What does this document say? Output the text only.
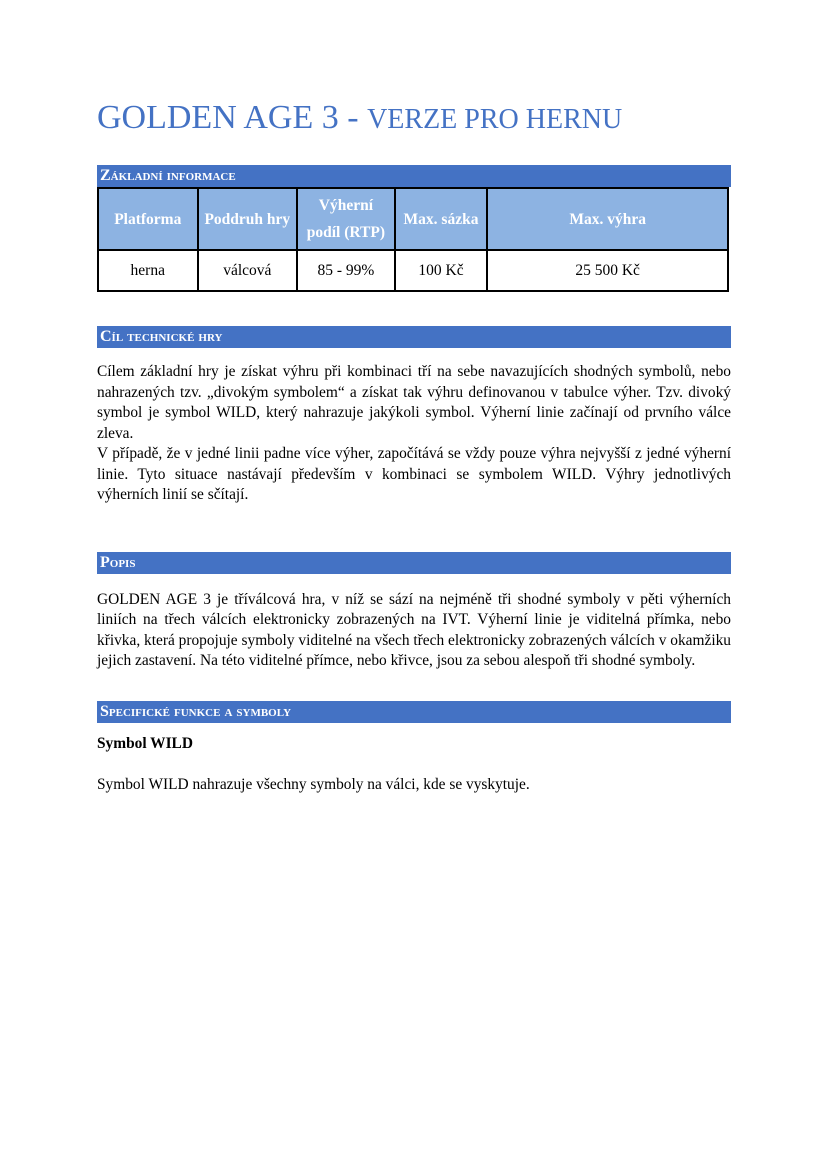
GOLDEN AGE 3 - VERZE PRO HERNU
Základní informace
Platforma	Poddruh hry	Výherní podíl (RTP)	Max. sázka	Max. výhra
herna	válcová	85 - 99%	100 Kč	25 500 Kč
Cíl technické hry

Cílem základní hry je získat výhru při kombinaci tří na sebe navazujících shodných symbolů, nebo nahrazených tzv. „divokým symbolem“ a získat tak výhru definovanou v tabulce výher. Tzv. divoký symbol je symbol WILD, který nahrazuje jakýkoli symbol. Výherní linie začínají od prvního válce zleva.

V případě, že v jedné linii padne více výher, započítává se vždy pouze výhra nejvyšší z jedné výherní linie. Tyto situace nastávají především v kombinaci se symbolem WILD. Výhry jednotlivých výherních linií se sčítají.

Popis

GOLDEN AGE 3 je tříválcová hra, v níž se sází na nejméně tři shodné symboly v pěti výherních liniích na třech válcích elektronicky zobrazených na IVT. Výherní linie je viditelná přímka, nebo křivka, která propojuje symboly viditelné na všech třech elektronicky zobrazených válcích v okamžiku jejich zastavení. Na této viditelné přímce, nebo křivce, jsou za sebou alespoň tři shodné symboly.

Specifické funkce a symboly
Symbol WILD

Symbol WILD nahrazuje všechny symboly na válci, kde se vyskytuje.
